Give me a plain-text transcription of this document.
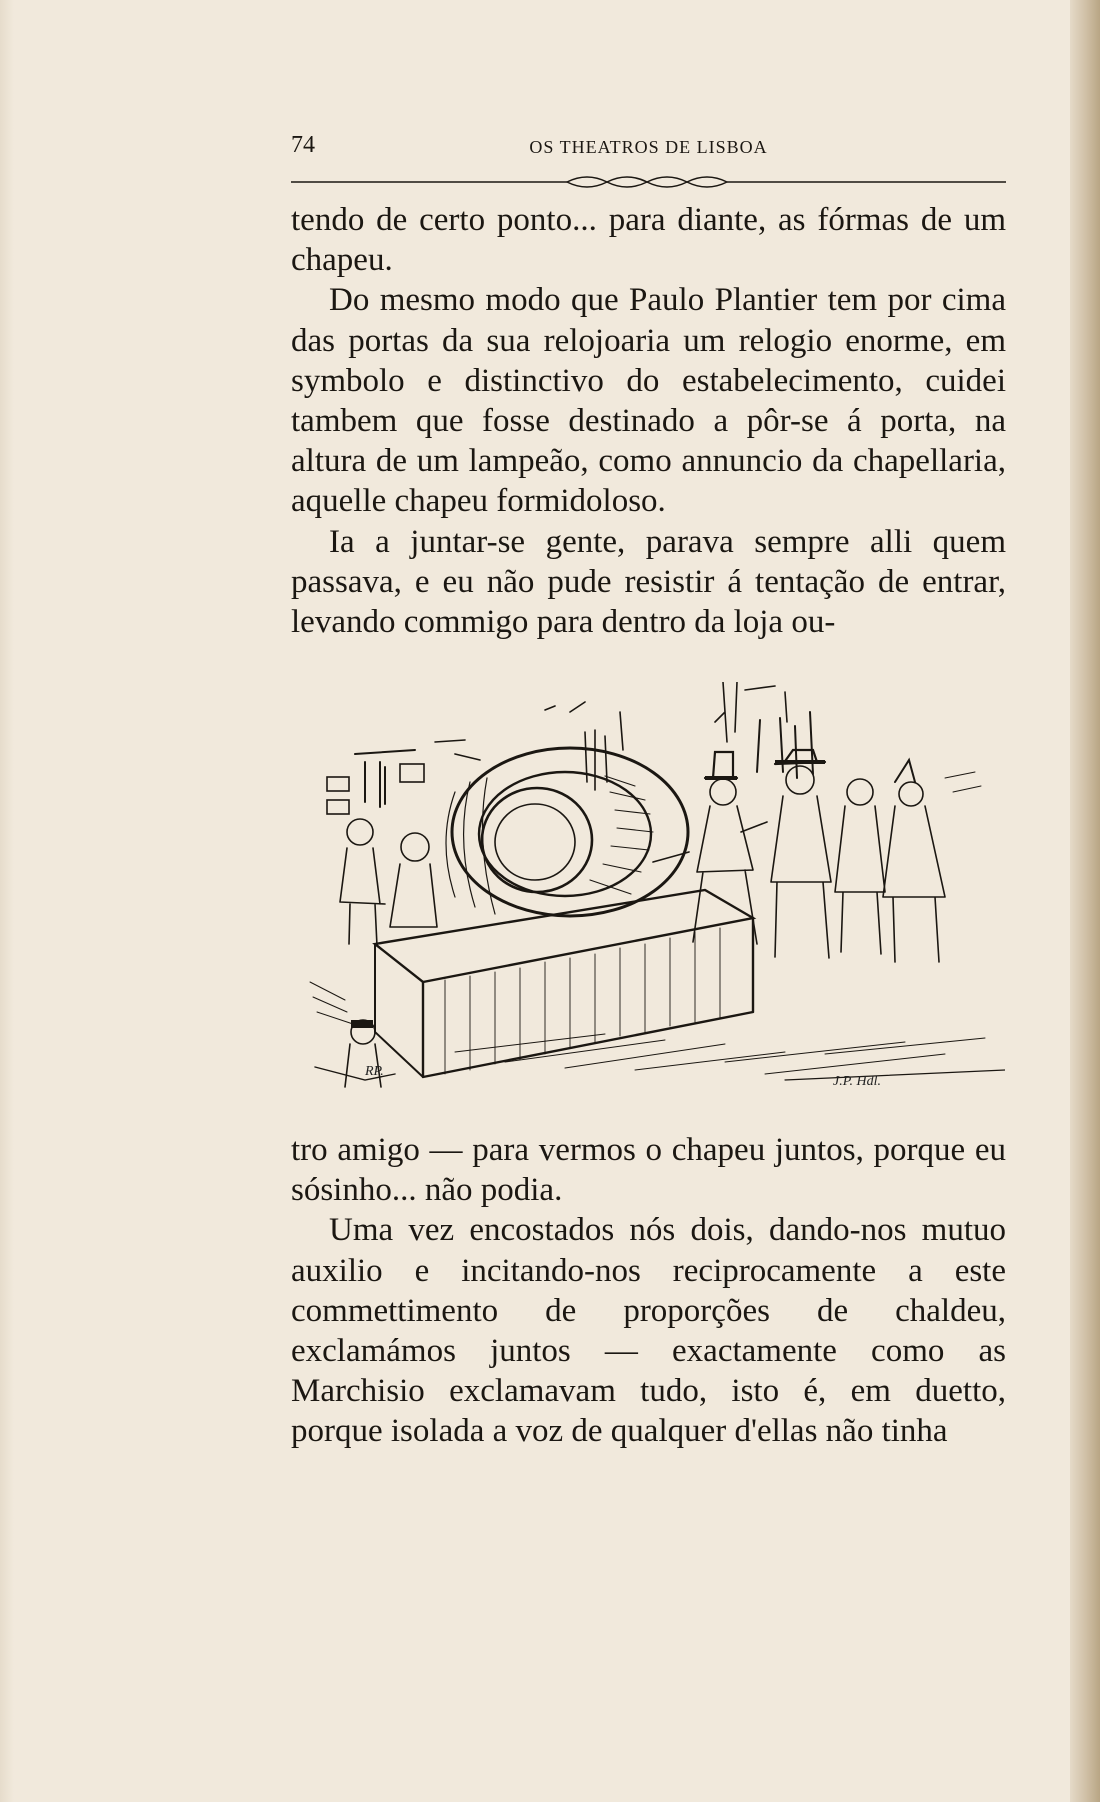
74	OS THEATROS DE LISBOA

tendo de certo ponto... para diante, as fórmas de um chapeu.

Do mesmo modo que Paulo Plantier tem por cima das portas da sua relojoaria um relogio enorme, em symbolo e distinctivo do estabelecimento, cuidei tambem que fosse destinado a pôr-se á porta, na altura de um lampeão, como annuncio da chapellaria, aquelle chapeu formidoloso.

Ia a juntar-se gente, parava sempre alli quem passava, e eu não pude resistir á tentação de entrar, levando commigo para dentro da loja ou-

RP.
J.P. Hdl.

tro amigo — para vermos o chapeu juntos, porque eu sósinho... não podia.

Uma vez encostados nós dois, dando-nos mutuo auxilio e incitando-nos reciprocamente a este commettimento de proporções de chaldeu, exclamámos juntos — exactamente como as Marchisio exclamavam tudo, isto é, em duetto, porque isolada a voz de qualquer d'ellas não tinha
